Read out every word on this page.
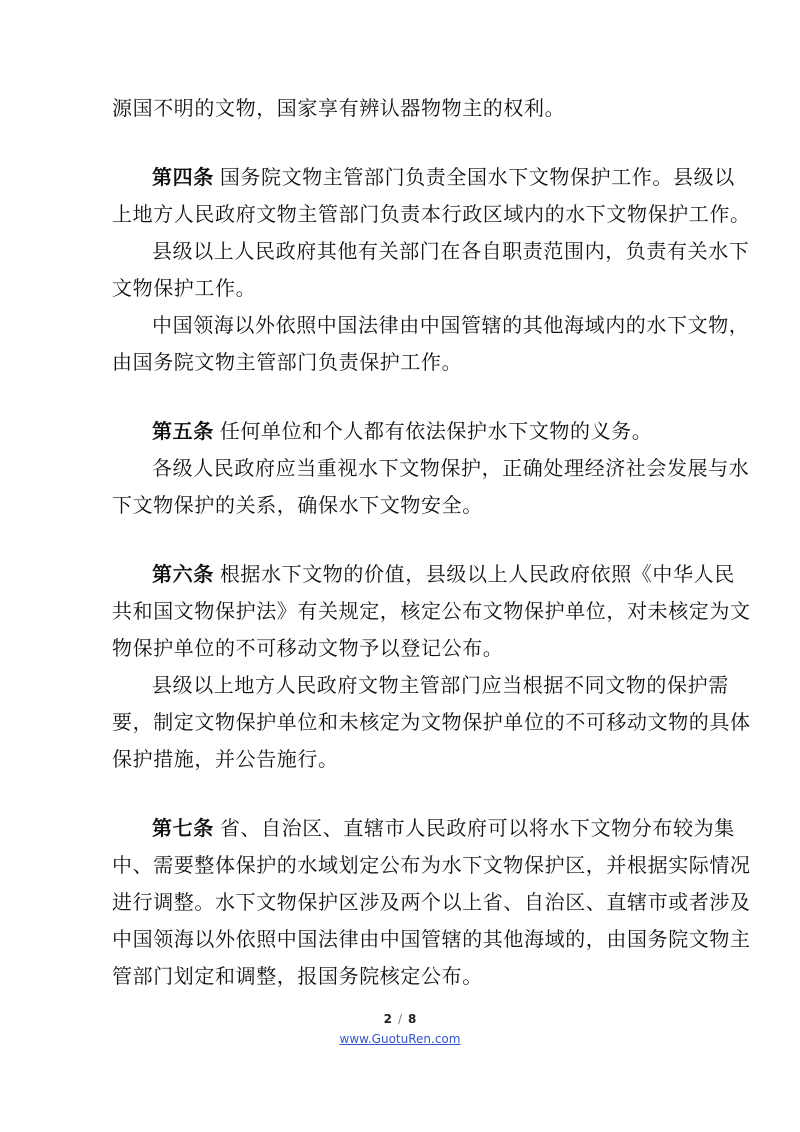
源国不明的文物，国家享有辨认器物物主的权利。
第四条 国务院文物主管部门负责全国水下文物保护工作。县级以
上地方人民政府文物主管部门负责本行政区域内的水下文物保护工作。
县级以上人民政府其他有关部门在各自职责范围内，负责有关水下
文物保护工作。
中国领海以外依照中国法律由中国管辖的其他海域内的水下文物，
由国务院文物主管部门负责保护工作。
第五条 任何单位和个人都有依法保护水下文物的义务。
各级人民政府应当重视水下文物保护，正确处理经济社会发展与水
下文物保护的关系，确保水下文物安全。
第六条 根据水下文物的价值，县级以上人民政府依照《中华人民
共和国文物保护法》有关规定，核定公布文物保护单位，对未核定为文
物保护单位的不可移动文物予以登记公布。
县级以上地方人民政府文物主管部门应当根据不同文物的保护需
要，制定文物保护单位和未核定为文物保护单位的不可移动文物的具体
保护措施，并公告施行。
第七条 省、自治区、直辖市人民政府可以将水下文物分布较为集
中、需要整体保护的水域划定公布为水下文物保护区，并根据实际情况
进行调整。水下文物保护区涉及两个以上省、自治区、直辖市或者涉及
中国领海以外依照中国法律由中国管辖的其他海域的，由国务院文物主
管部门划定和调整，报国务院核定公布。
2 / 8
www.GuotuRen.com
